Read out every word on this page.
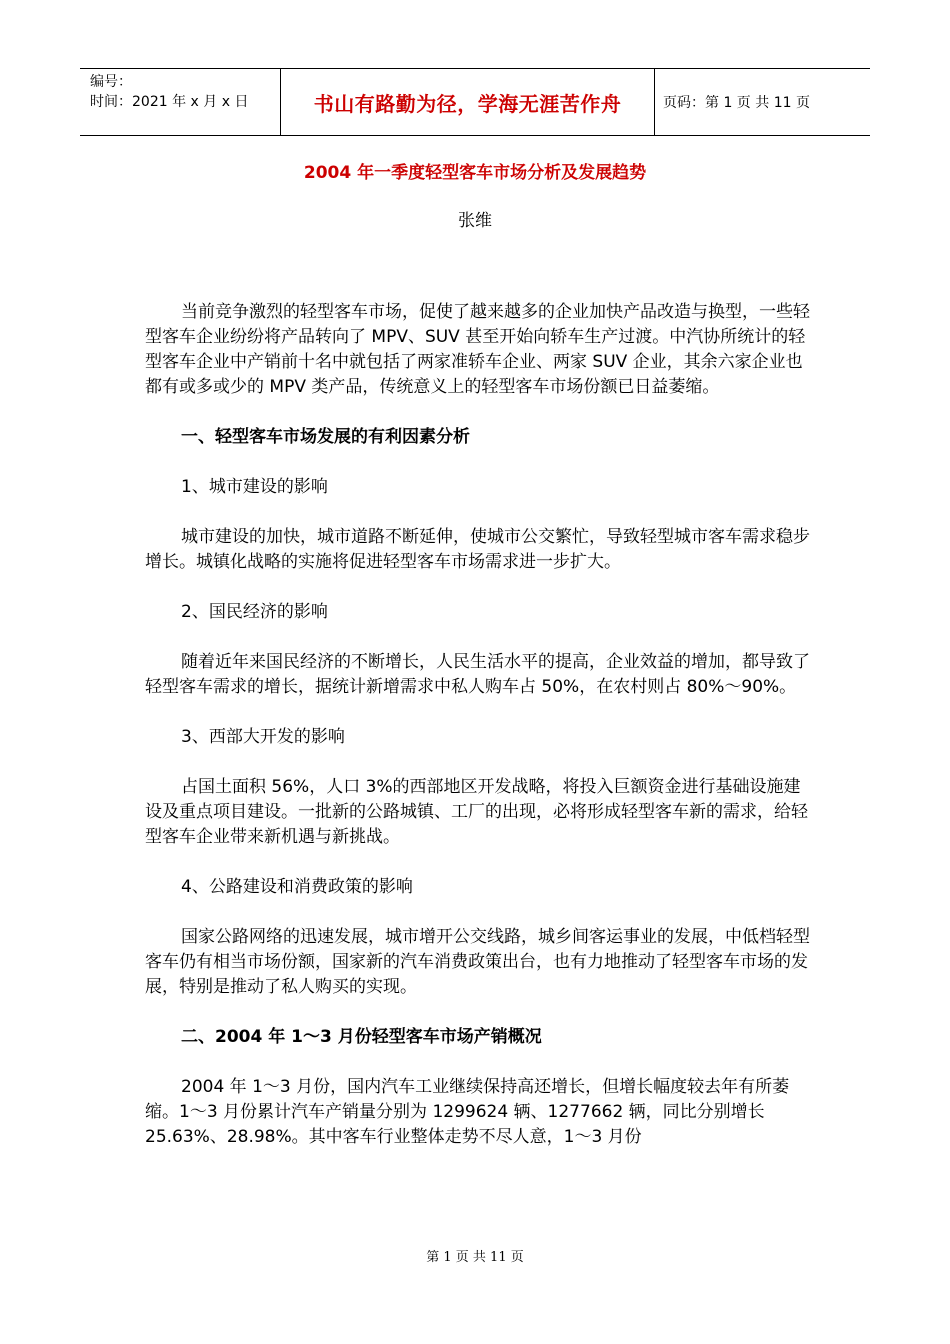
编号：
时间：2021 年 x 月 x 日	书山有路勤为径，学海无涯苦作舟	页码：第 1 页 共 11 页
2004 年一季度轻型客车市场分析及发展趋势
张维

当前竞争激烈的轻型客车市场，促使了越来越多的企业加快产品改造与换型，一些轻型客车企业纷纷将产品转向了 MPV、SUV 甚至开始向轿车生产过渡。中汽协所统计的轻型客车企业中产销前十名中就包括了两家准轿车企业、两家 SUV 企业，其余六家企业也都有或多或少的 MPV 类产品，传统意义上的轻型客车市场份额已日益萎缩。

一、轻型客车市场发展的有利因素分析

1、城市建设的影响

城市建设的加快，城市道路不断延伸，使城市公交繁忙，导致轻型城市客车需求稳步增长。城镇化战略的实施将促进轻型客车市场需求进一步扩大。

2、国民经济的影响

随着近年来国民经济的不断增长，人民生活水平的提高，企业效益的增加，都导致了轻型客车需求的增长，据统计新增需求中私人购车占 50%，在农村则占 80%～90%。

3、西部大开发的影响

占国土面积 56%，人口 3%的西部地区开发战略，将投入巨额资金进行基础设施建设及重点项目建设。一批新的公路城镇、工厂的出现，必将形成轻型客车新的需求，给轻型客车企业带来新机遇与新挑战。

4、公路建设和消费政策的影响

国家公路网络的迅速发展，城市增开公交线路，城乡间客运事业的发展，中低档轻型客车仍有相当市场份额，国家新的汽车消费政策出台，也有力地推动了轻型客车市场的发展，特别是推动了私人购买的实现。

二、2004 年 1～3 月份轻型客车市场产销概况

2004 年 1～3 月份，国内汽车工业继续保持高还增长，但增长幅度较去年有所萎缩。1～3 月份累计汽车产销量分别为 1299624 辆、1277662 辆，同比分别增长 25.63%、28.98%。其中客车行业整体走势不尽人意，1～3 月份

第 1 页 共 11 页
